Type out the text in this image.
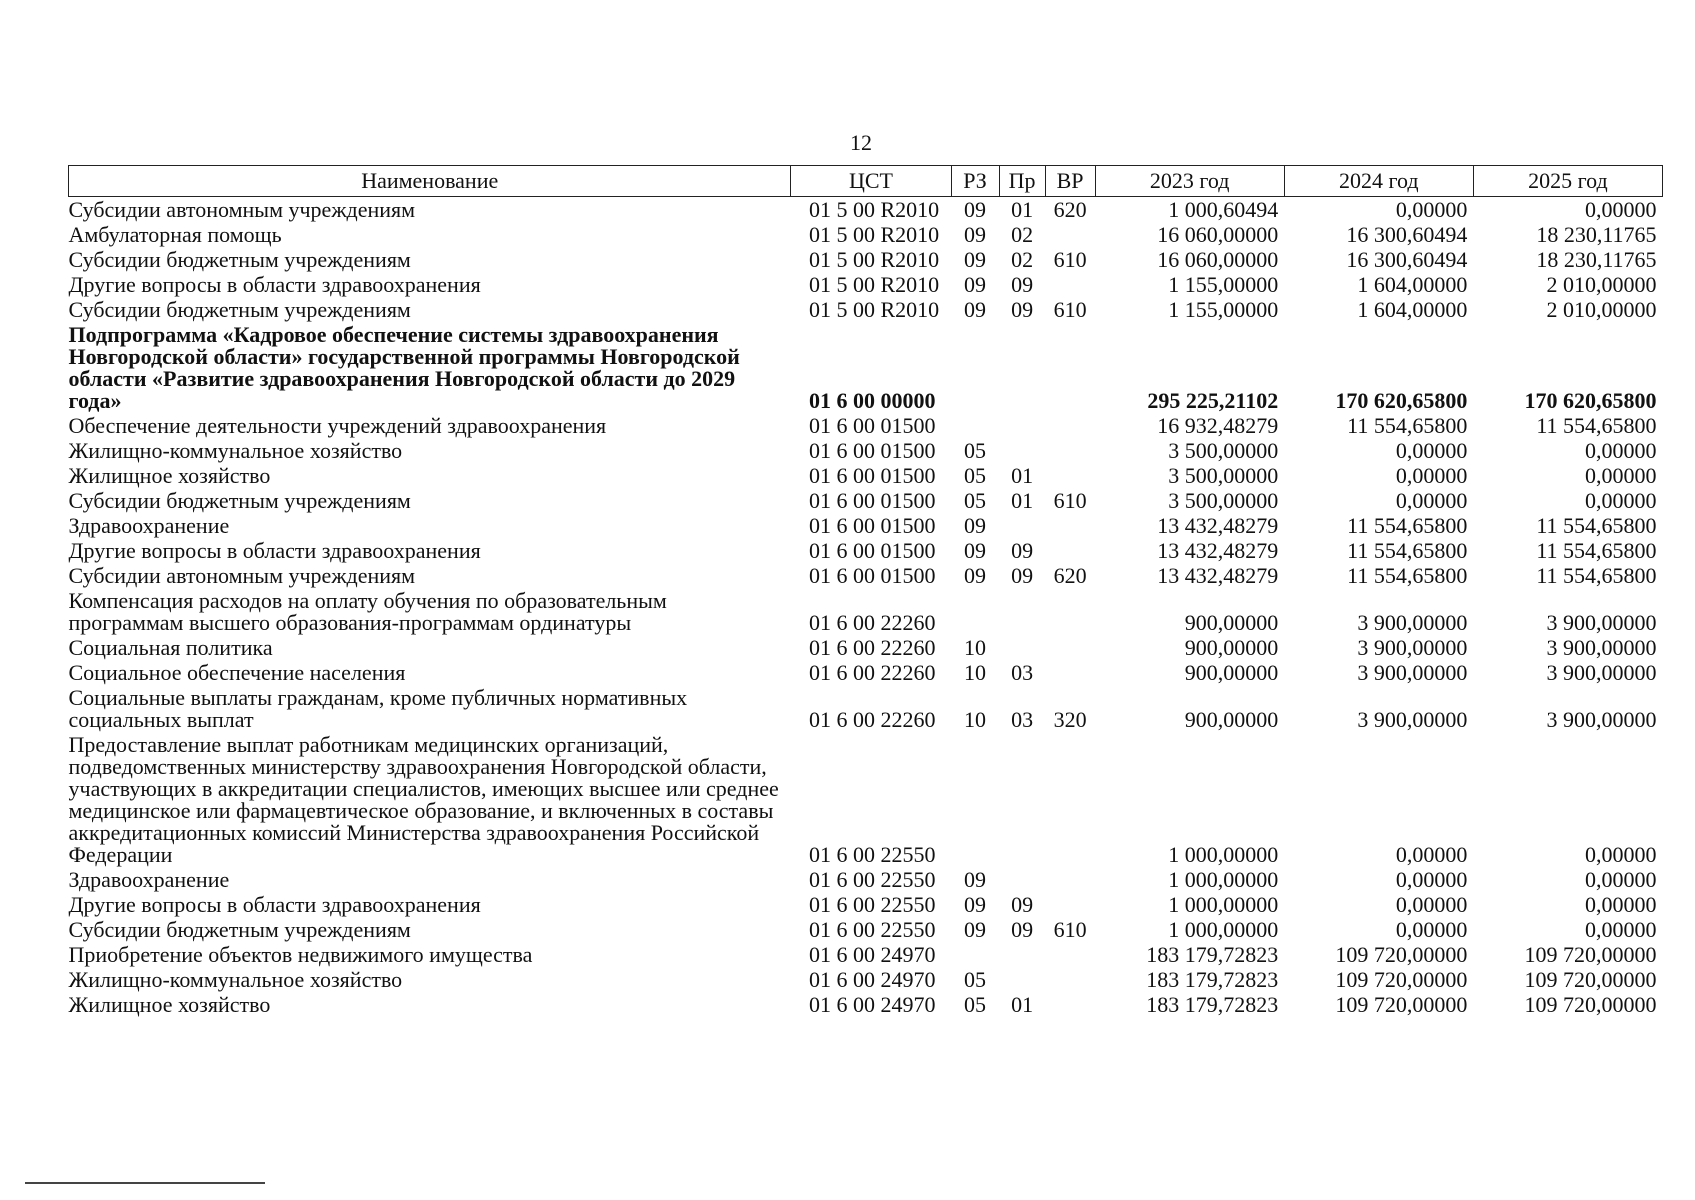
12
Наименование	ЦСТ	РЗ	Пр	ВР	2023 год	2024 год	2025 год
Субсидии автономным учреждениям	01 5 00 R2010	09	01	620	1 000,60494	0,00000	0,00000
Амбулаторная помощь	01 5 00 R2010	09	02		16 060,00000	16 300,60494	18 230,11765
Субсидии бюджетным учреждениям	01 5 00 R2010	09	02	610	16 060,00000	16 300,60494	18 230,11765
Другие вопросы в области здравоохранения	01 5 00 R2010	09	09		1 155,00000	1 604,00000	2 010,00000
Субсидии бюджетным учреждениям	01 5 00 R2010	09	09	610	1 155,00000	1 604,00000	2 010,00000
Подпрограмма «Кадровое обеспечение системы здравоохранения Новгородской области» государственной программы Новгородской области «Развитие здравоохранения Новгородской области до 2029 года»	01 6 00 00000				295 225,21102	170 620,65800	170 620,65800
Обеспечение деятельности учреждений здравоохранения	01 6 00 01500				16 932,48279	11 554,65800	11 554,65800
Жилищно-коммунальное хозяйство	01 6 00 01500	05			3 500,00000	0,00000	0,00000
Жилищное хозяйство	01 6 00 01500	05	01		3 500,00000	0,00000	0,00000
Субсидии бюджетным учреждениям	01 6 00 01500	05	01	610	3 500,00000	0,00000	0,00000
Здравоохранение	01 6 00 01500	09			13 432,48279	11 554,65800	11 554,65800
Другие вопросы в области здравоохранения	01 6 00 01500	09	09		13 432,48279	11 554,65800	11 554,65800
Субсидии автономным учреждениям	01 6 00 01500	09	09	620	13 432,48279	11 554,65800	11 554,65800
Компенсация расходов на оплату обучения по образовательным программам высшего образования-программам ординатуры	01 6 00 22260				900,00000	3 900,00000	3 900,00000
Социальная политика	01 6 00 22260	10			900,00000	3 900,00000	3 900,00000
Социальное обеспечение населения	01 6 00 22260	10	03		900,00000	3 900,00000	3 900,00000
Социальные выплаты гражданам, кроме публичных нормативных социальных выплат	01 6 00 22260	10	03	320	900,00000	3 900,00000	3 900,00000
Предоставление выплат работникам медицинских организаций, подведомственных министерству здравоохранения Новгородской области, участвующих в аккредитации специалистов, имеющих высшее или среднее медицинское или фармацевтическое образование, и включенных в составы аккредитационных комиссий Министерства здравоохранения Российской Федерации	01 6 00 22550				1 000,00000	0,00000	0,00000
Здравоохранение	01 6 00 22550	09			1 000,00000	0,00000	0,00000
Другие вопросы в области здравоохранения	01 6 00 22550	09	09		1 000,00000	0,00000	0,00000
Субсидии бюджетным учреждениям	01 6 00 22550	09	09	610	1 000,00000	0,00000	0,00000
Приобретение объектов недвижимого имущества	01 6 00 24970				183 179,72823	109 720,00000	109 720,00000
Жилищно-коммунальное хозяйство	01 6 00 24970	05			183 179,72823	109 720,00000	109 720,00000
Жилищное хозяйство	01 6 00 24970	05	01		183 179,72823	109 720,00000	109 720,00000
